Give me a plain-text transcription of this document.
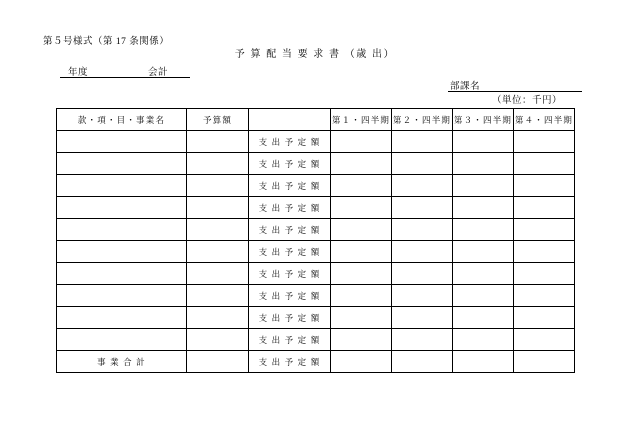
第５号様式（第 17 条関係）
予 算 配 当 要 求 書 （歳 出）
年度	会計
部課名
（単位：千円）
款・項・目・事業名	予算額		第１・四半期	第２・四半期	第３・四半期	第４・四半期
		支 出 予 定 額				
		支 出 予 定 額				
		支 出 予 定 額				
		支 出 予 定 額				
		支 出 予 定 額				
		支 出 予 定 額				
		支 出 予 定 額				
		支 出 予 定 額				
		支 出 予 定 額				
		支 出 予 定 額				
事 業 合 計		支 出 予 定 額				
